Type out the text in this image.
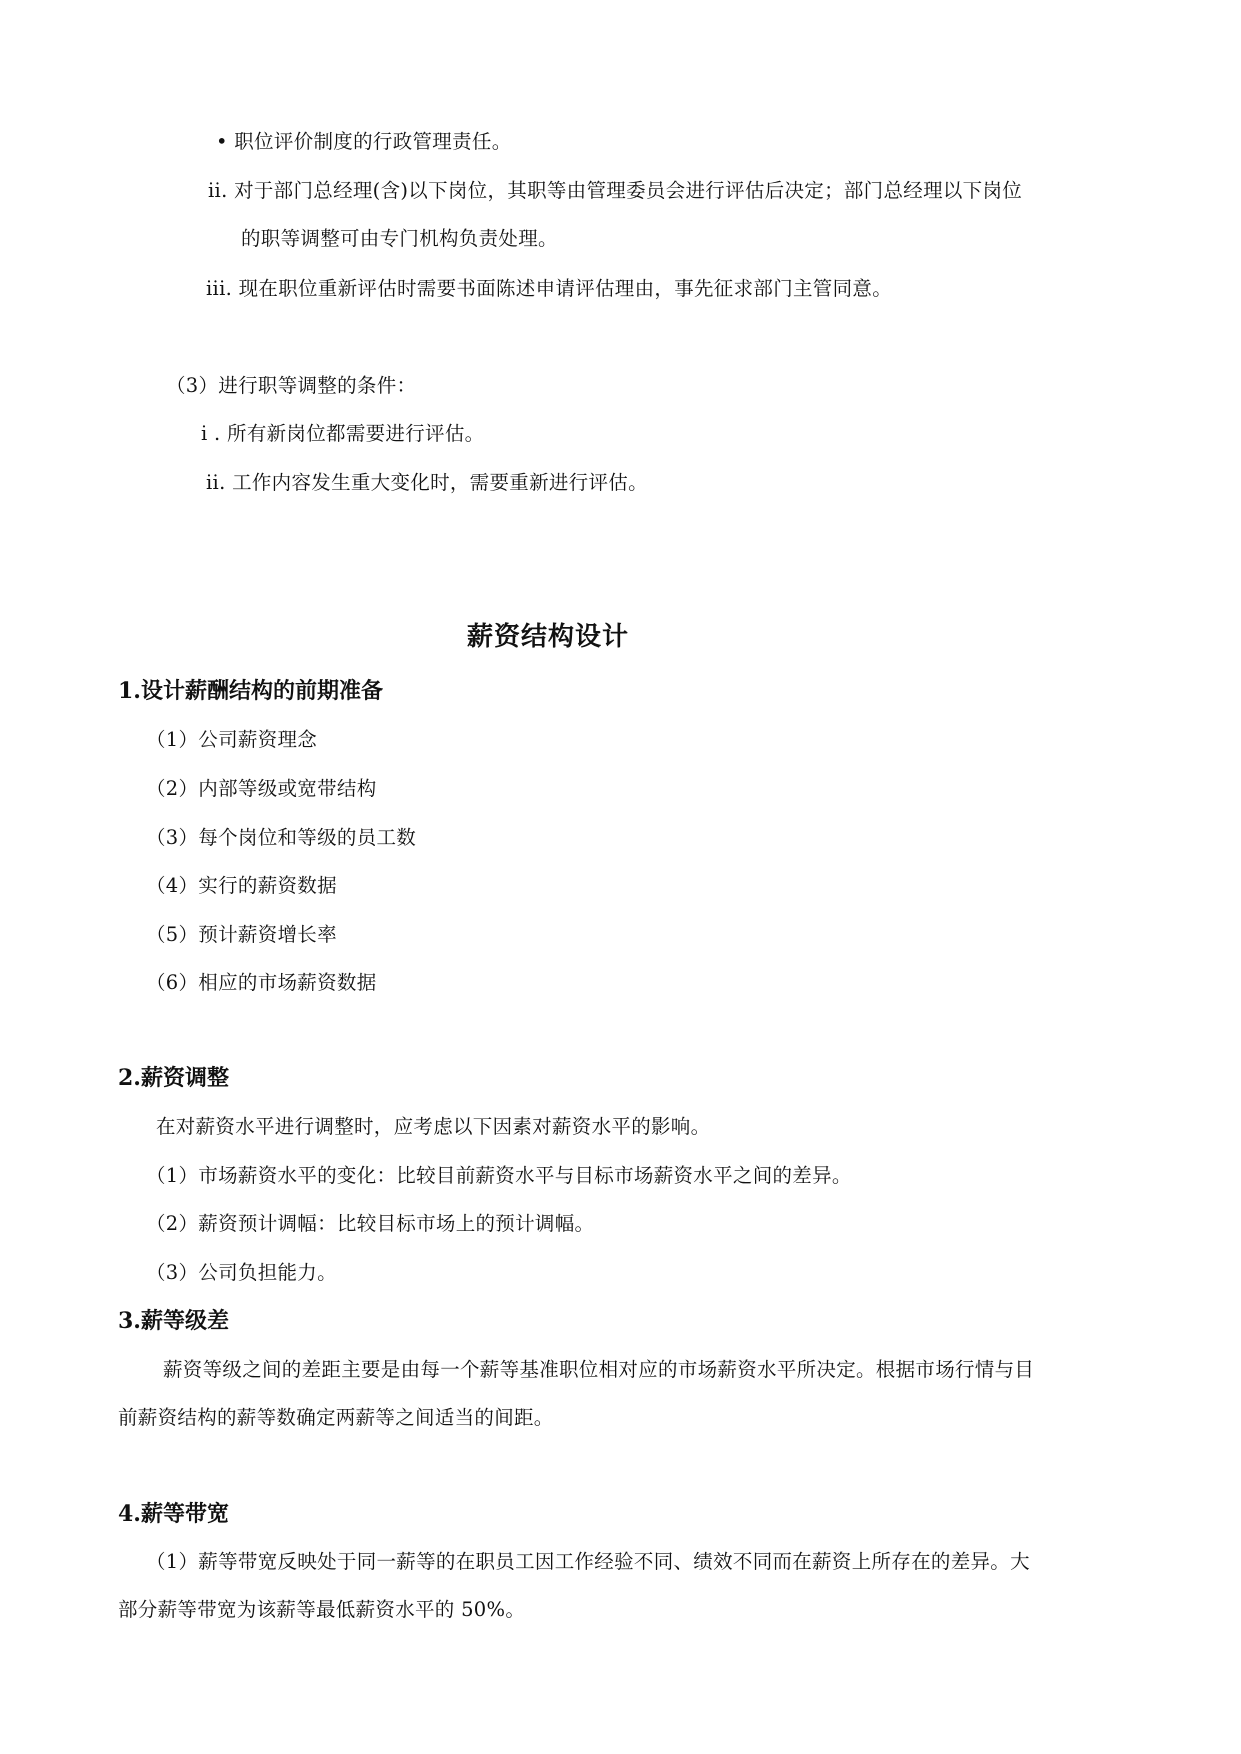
• 职位评价制度的行政管理责任。
ii. 对于部门总经理(含)以下岗位，其职等由管理委员会进行评估后决定；部门总经理以下岗位
的职等调整可由专门机构负责处理。
iii. 现在职位重新评估时需要书面陈述申请评估理由，事先征求部门主管同意。
（3）进行职等调整的条件：
i . 所有新岗位都需要进行评估。
ii. 工作内容发生重大变化时，需要重新进行评估。
薪资结构设计
1.设计薪酬结构的前期准备
（1）公司薪资理念
（2）内部等级或宽带结构
（3）每个岗位和等级的员工数
（4）实行的薪资数据
（5）预计薪资增长率
（6）相应的市场薪资数据
2.薪资调整
在对薪资水平进行调整时，应考虑以下因素对薪资水平的影响。
（1）市场薪资水平的变化：比较目前薪资水平与目标市场薪资水平之间的差异。
（2）薪资预计调幅：比较目标市场上的预计调幅。
（3）公司负担能力。
3.薪等级差
薪资等级之间的差距主要是由每一个薪等基准职位相对应的市场薪资水平所决定。根据市场行情与目
前薪资结构的薪等数确定两薪等之间适当的间距。
4.薪等带宽
（1）薪等带宽反映处于同一薪等的在职员工因工作经验不同、绩效不同而在薪资上所存在的差异。大
部分薪等带宽为该薪等最低薪资水平的 50%。
